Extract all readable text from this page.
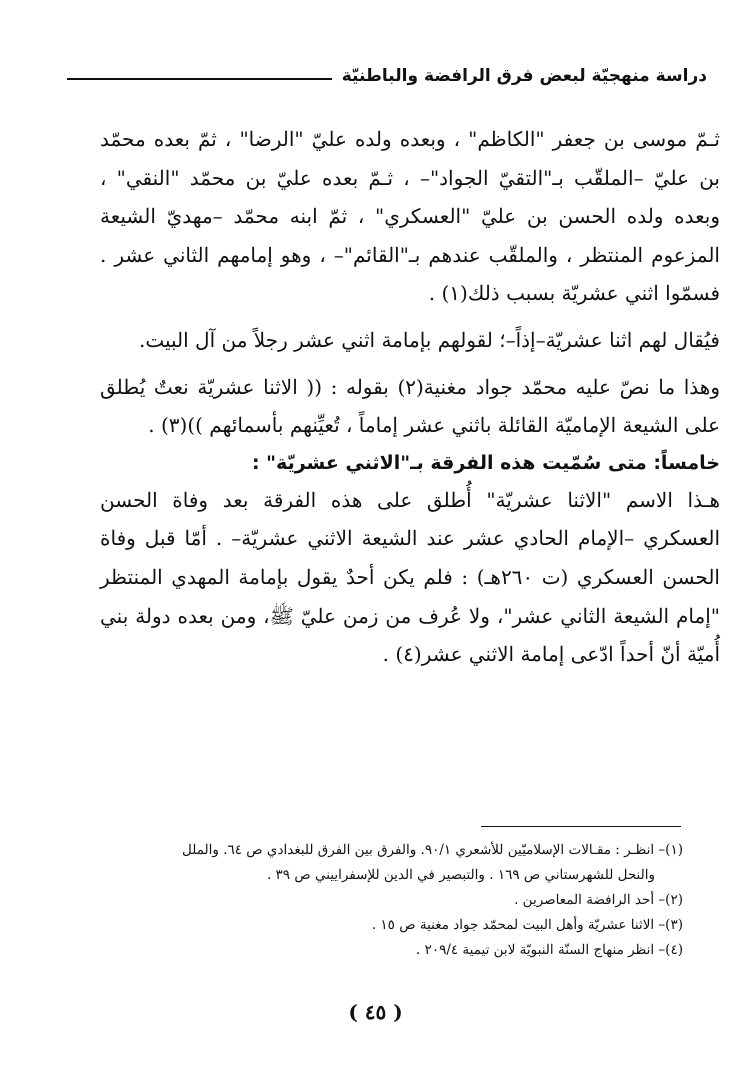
دراسة منهجيّة لبعض فرق الرافضة والباطنيّة

ثـمّ موسى بن جعفر "الكاظم" ، وبعده ولده عليّ "الرضا" ، ثمّ بعده محمّد بن عليّ –الملقّب بـ"التقيّ الجواد"– ، ثـمّ بعده عليّ بن محمّد "النقي" ، وبعده ولده الحسن بن عليّ "العسكري" ، ثمّ ابنه محمّد –مهديّ الشيعة المزعوم المنتظر ، والملقّب عندهم بـ"القائم"– ، وهو إمامهم الثاني عشر . فسمّوا اثني عشريّة بسبب ذلك(١) .

فيُقال لهم اثنا عشريّة–إذاً–؛ لقولهم بإمامة اثني عشر رجلاً من آل البيت.

وهذا ما نصّ عليه محمّد جواد مغنية(٢) بقوله : (( الاثنا عشريّة نعتٌ يُطلق على الشيعة الإماميّة القائلة باثني عشر إماماً ، تُعيِّنهم بأسمائهم ))(٣) .

خامساً: متى سُمّيت هذه الفرقة بـ"الاثني عشريّة" :

هـذا الاسم "الاثنا عشريّة" أُطلق على هذه الفرقة بعد وفاة الحسن العسكري –الإمام الحادي عشر عند الشيعة الاثني عشريّة– . أمّا قبل وفاة الحسن العسكري (ت ٢٦٠هـ) : فلم يكن أحدٌ يقول بإمامة المهدي المنتظر "إمام الشيعة الثاني عشر"، ولا عُرف من زمن عليّ ﷺ، ومن بعده دولة بني أُميّة أنّ أحداً ادّعى إمامة الاثني عشر(٤) .

(١)– انظـر : مقـالات الإسلاميّين للأشعري ٩٠/١. والفرق بين الفرق للبغدادي ص ٦٤. والملل

والنحل للشهرستاني ص ١٦٩ . والتبصير في الدين للإسفراييني ص ٣٩ .

(٢)– أحد الرافضة المعاصرين .

(٣)– الاثنا عشريّة وأهل البيت لمحمّد جواد مغنية ص ١٥ .

(٤)– انظر منهاج السنّة النبويّة لابن تيمية ٢٠٩/٤ .

( ٤٥ )
